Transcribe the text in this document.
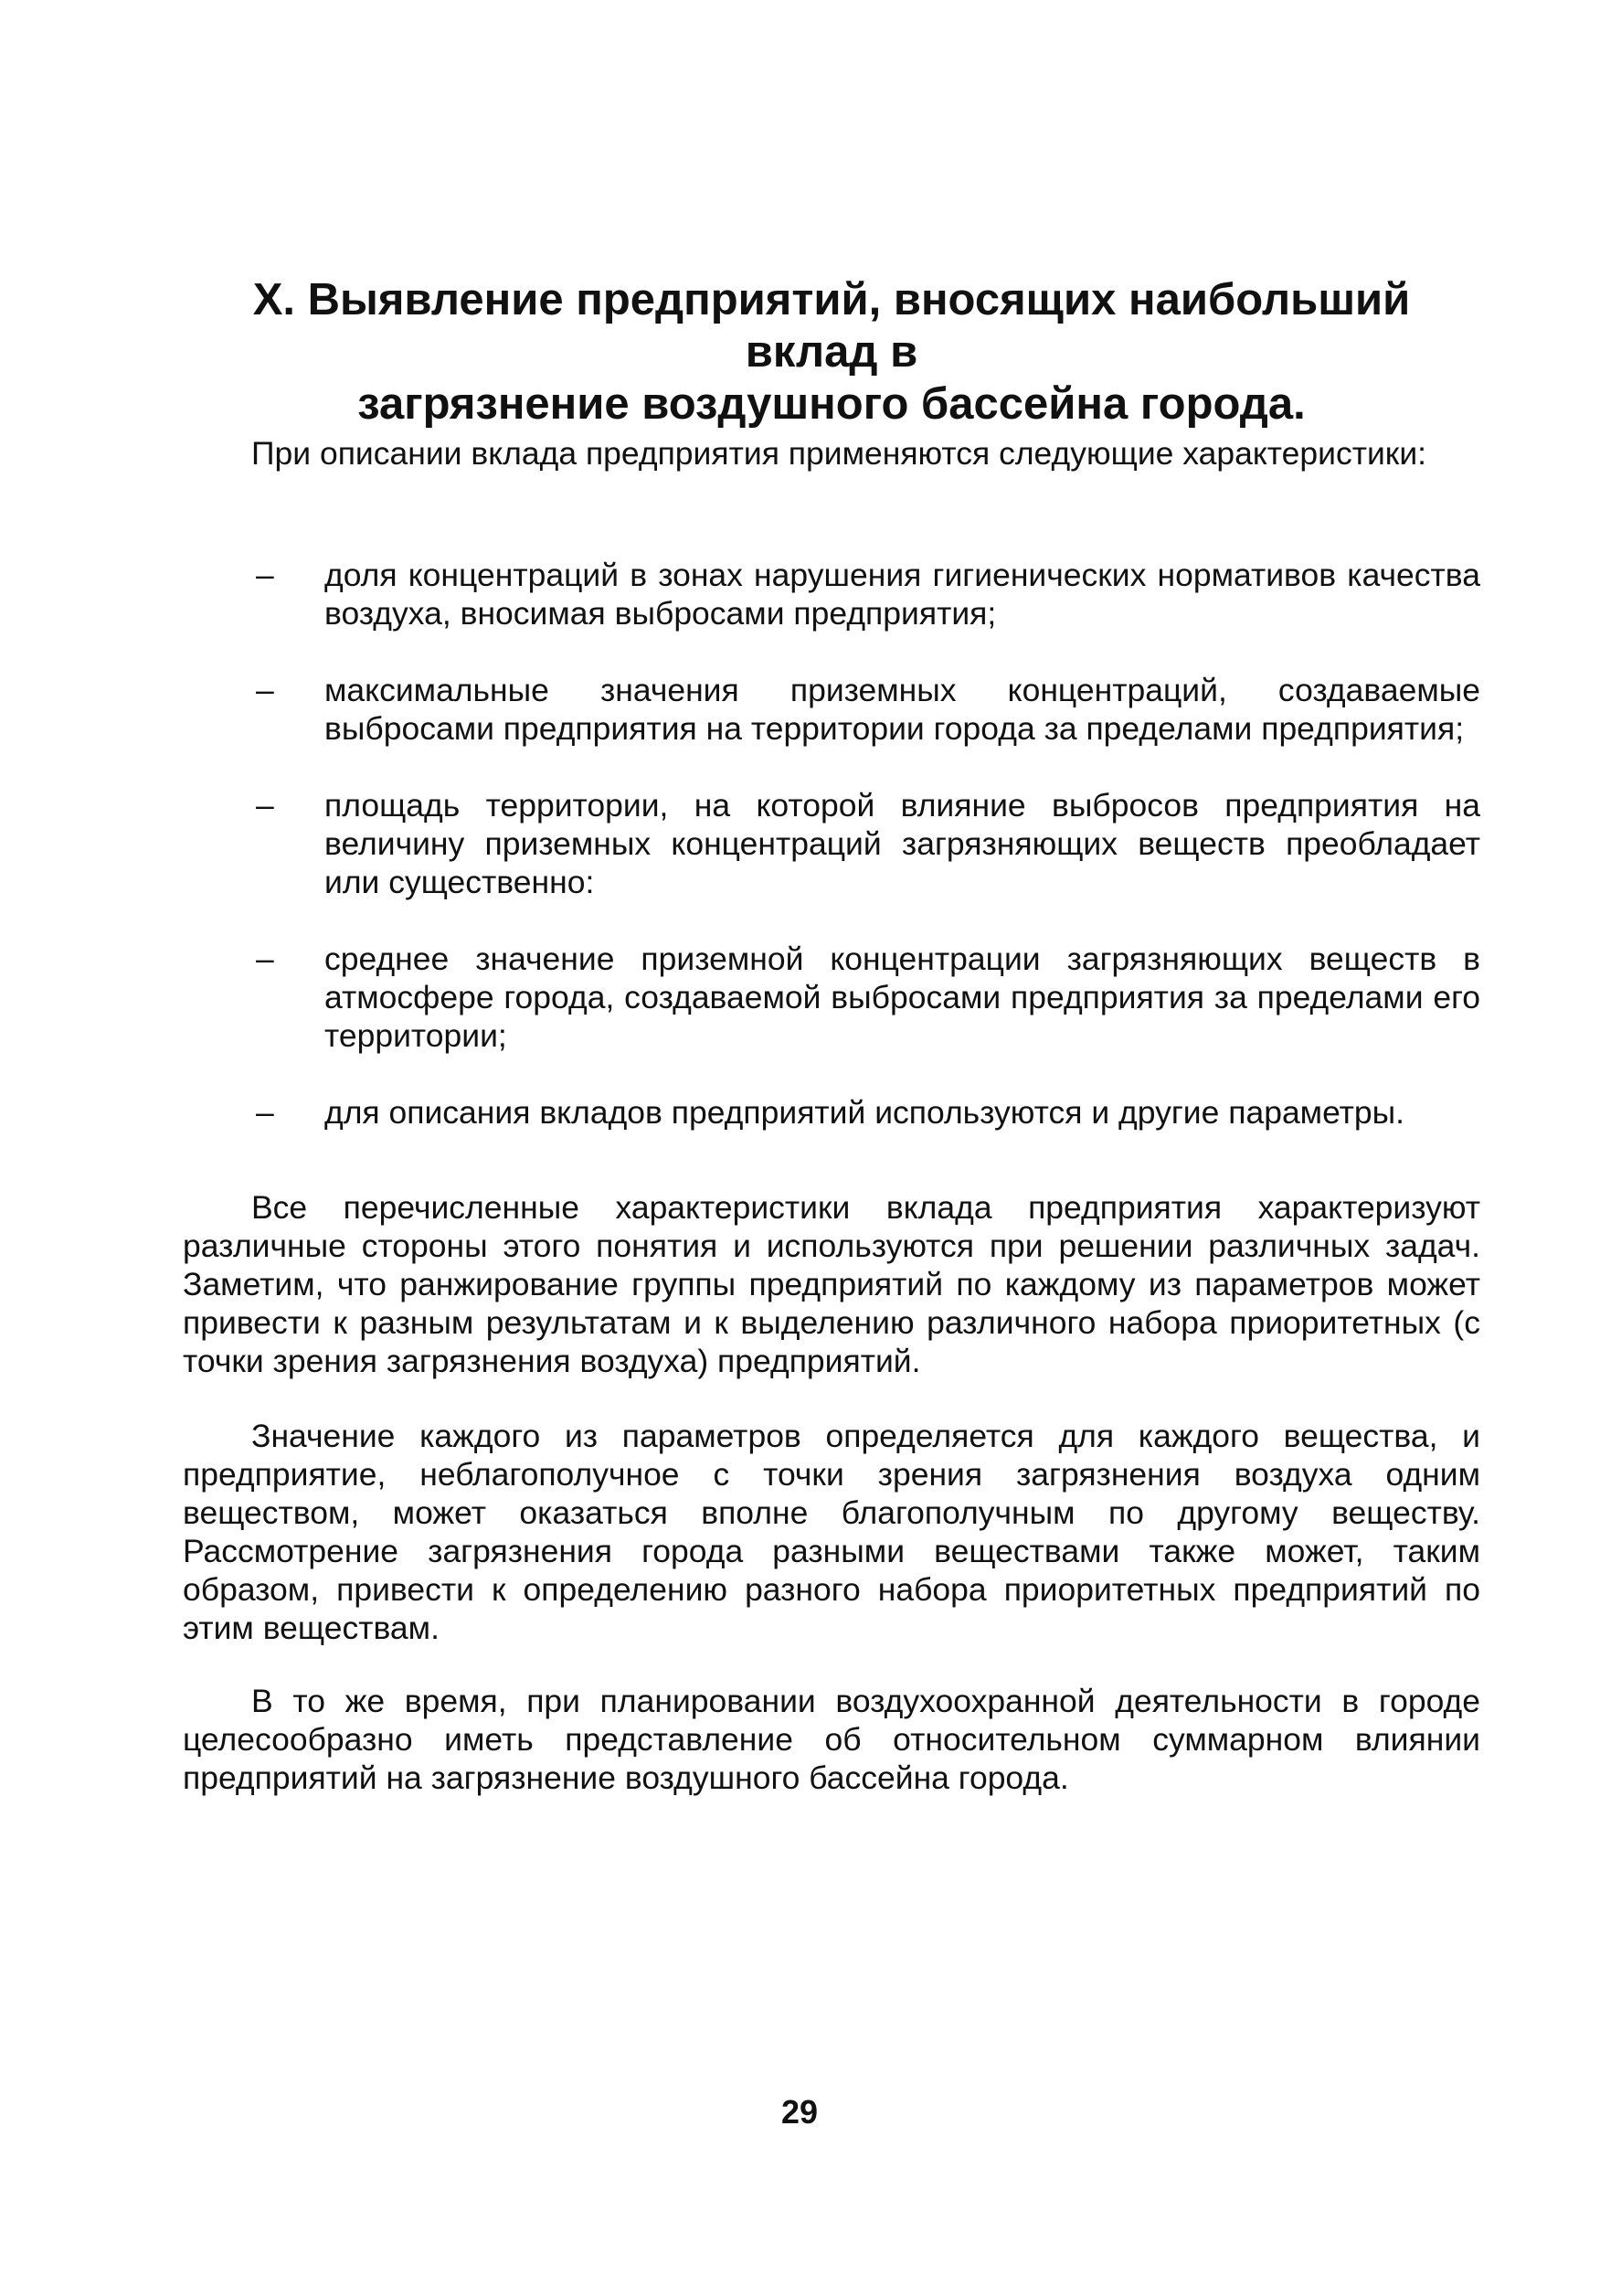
X. Выявление предприятий, вносящих наибольший вклад в
загрязнение воздушного бассейна города.

При описании вклада предприятия применяются следующие характеристики:

– доля концентраций в зонах нарушения гигиенических нормативов качества воздуха, вносимая выбросами предприятия;
– максимальные значения приземных концентраций, создаваемые выбросами предприятия на территории города за пределами предприятия;
– площадь территории, на которой влияние выбросов предприятия на величину приземных концентраций загрязняющих веществ преобладает или существенно:
– среднее значение приземной концентрации загрязняющих веществ в атмосфере города, создаваемой выбросами предприятия за пределами его территории;
– для описания вкладов предприятий используются и другие параметры.

Все перечисленные характеристики вклада предприятия характеризуют различные стороны этого понятия и используются при решении различных задач. Заметим, что ранжирование группы предприятий по каждому из параметров может привести к разным результатам и к выделению различного набора приоритетных (с точки зрения загрязнения воздуха) предприятий.

Значение каждого из параметров определяется для каждого вещества, и предприятие, неблагополучное с точки зрения загрязнения воздуха одним веществом, может оказаться вполне благополучным по другому веществу. Рассмотрение загрязнения города разными веществами также может, таким образом, привести к определению разного набора приоритетных предприятий по этим веществам.

В то же время, при планировании воздухоохранной деятельности в городе целесообразно иметь представление об относительном суммарном влиянии предприятий на загрязнение воздушного бассейна города.

29
